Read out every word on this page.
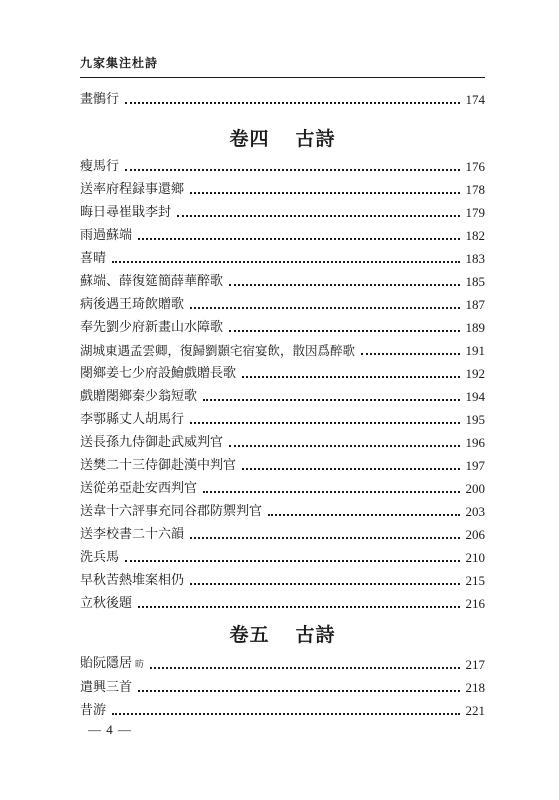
九家集注杜詩
畫鶻行	174
卷四 古詩
瘦馬行	176
送率府程録事還鄉	178
晦日尋崔戢李封	179
雨過蘇端	182
喜晴	183
蘇端、薛復筵簡薛華醉歌	185
病後遇王琦飲贈歌	187
奉先劉少府新畫山水障歌	189
湖城東遇孟雲卿，復歸劉顥宅宿宴飲，散因爲醉歌	191
閿鄉姜七少府設鱠戲贈長歌	192
戲贈閿鄉秦少翁短歌	194
李鄠縣丈人胡馬行	195
送長孫九侍御赴武威判官	196
送樊二十三侍御赴漢中判官	197
送從弟亞赴安西判官	200
送韋十六評事充同谷郡防禦判官	203
送李校書二十六韻	206
洗兵馬	210
早秋苦熱堆案相仍	215
立秋後題	216
卷五 古詩
貽阮隱居 昉	217
遣興三首	218
昔游	221
— 4 —
